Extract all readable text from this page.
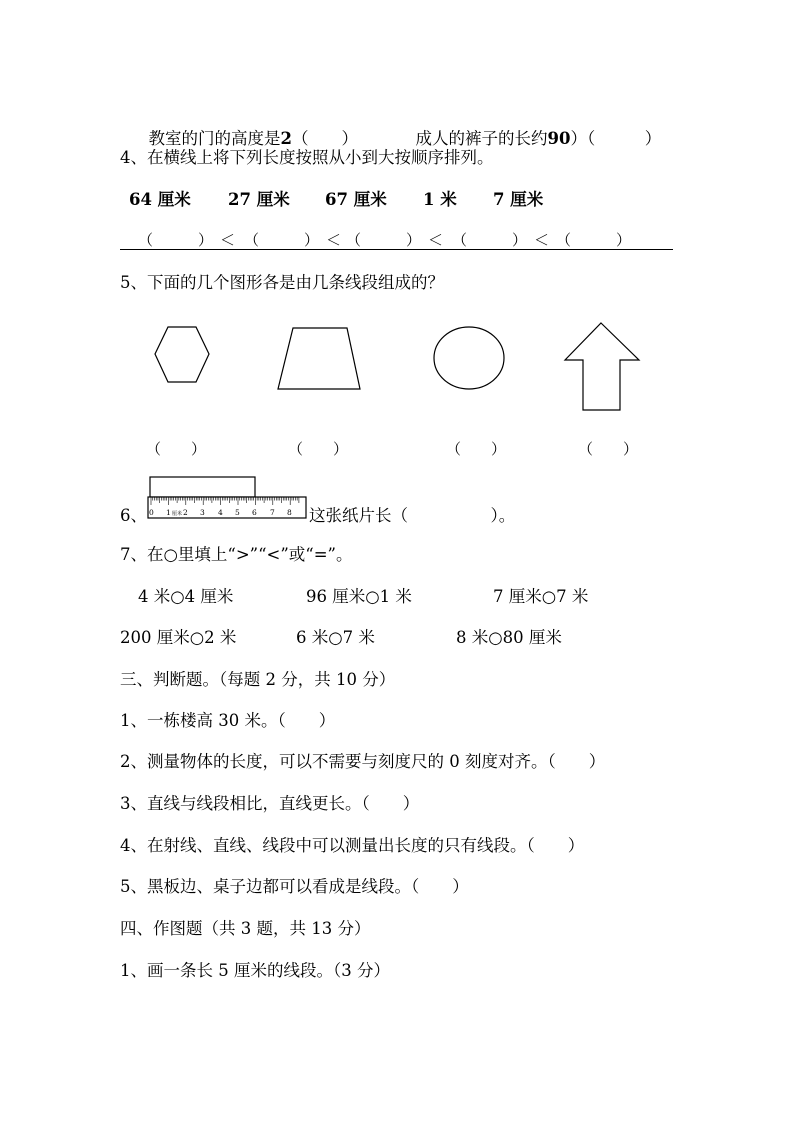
教室的门的高度是2（　　）	成人的裤子的长约90）（　　　）

4、在横线上将下列长度按照从小到大按顺序排列。
64 厘米 27 厘米 67 厘米 1 米 7 厘米
（　　　） ＜ （　　　） ＜ （　　　） ＜ （　　　） ＜ （　　　）
5、下面的几个图形各是由几条线段组成的？
（　　）	（　　）	（　　）	（　　）
6、 0 1 厘米 2 3 4 5 6 7 8 这张纸片长（　　　　　）。
7、在○里填上“>”“<”或“=”。
4 米○4 厘米	96 厘米○1 米	7 厘米○7 米
200 厘米○2 米	6 米○7 米	8 米○80 厘米
三、判断题。（每题 2 分，共 10 分）
1、一栋楼高 30 米。（　　）
2、测量物体的长度，可以不需要与刻度尺的 0 刻度对齐。（　　）
3、直线与线段相比，直线更长。（　　）
4、在射线、直线、线段中可以测量出长度的只有线段。（　　）
5、黑板边、桌子边都可以看成是线段。（　　）
四、作图题（共 3 题，共 13 分）
1、画一条长 5 厘米的线段。（3 分）
